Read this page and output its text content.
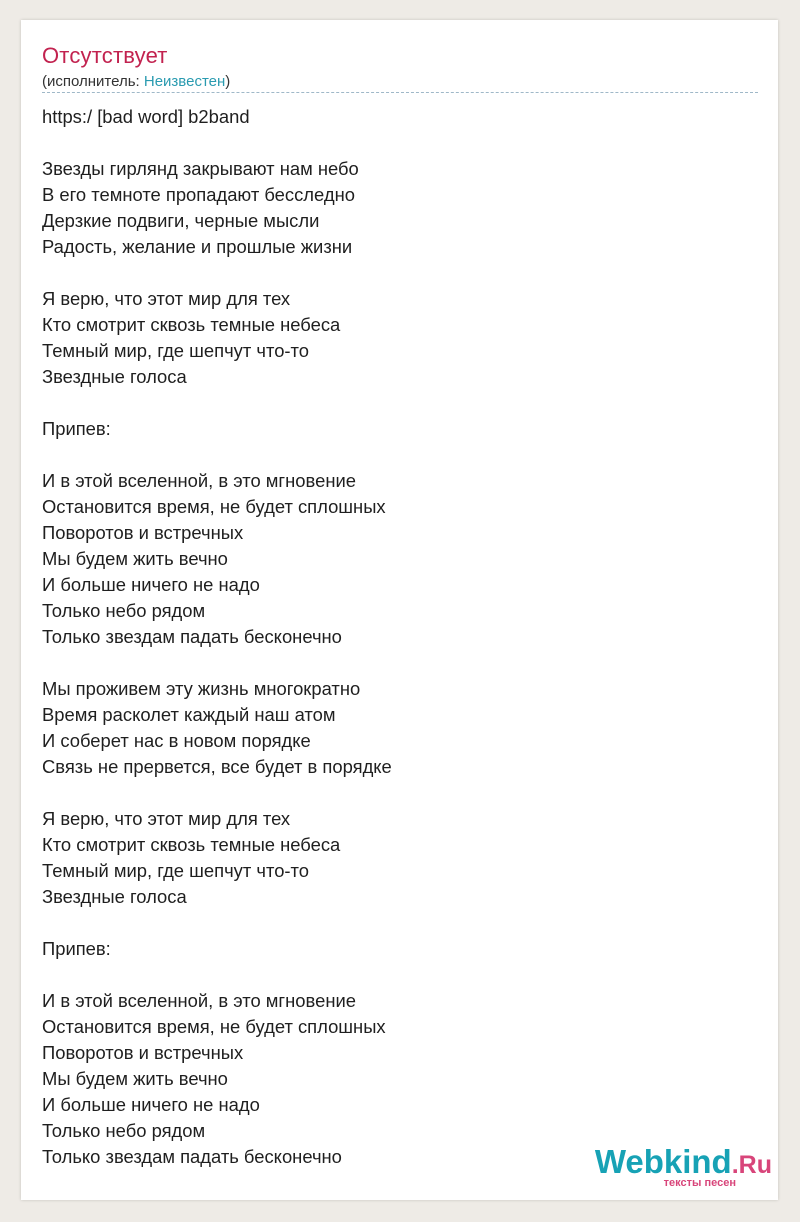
Отсутствует
(исполнитель: Неизвестен)
https:/ [bad word] b2band
Звезды гирлянд закрывают нам небо
В его темноте пропадают бесследно
Дерзкие подвиги, черные мысли
Радость, желание и прошлые жизни
Я верю, что этот мир для тех
Кто смотрит сквозь темные небеса
Темный мир, где шепчут что-то
Звездные голоса
Припев:
И в этой вселенной, в это мгновение
Остановится время, не будет сплошных
Поворотов и встречных
Мы будем жить вечно
И больше ничего не надо
Только небо рядом
Только звездам падать бесконечно
Мы проживем эту жизнь многократно
Время расколет каждый наш атом
И соберет нас в новом порядке
Связь не прервется, все будет в порядке
Я верю, что этот мир для тех
Кто смотрит сквозь темные небеса
Темный мир, где шепчут что-то
Звездные голоса
Припев:
И в этой вселенной, в это мгновение
Остановится время, не будет сплошных
Поворотов и встречных
Мы будем жить вечно
И больше ничего не надо
Только небо рядом
Только звездам падать бесконечно	Webkind.Ru
тексты песен
